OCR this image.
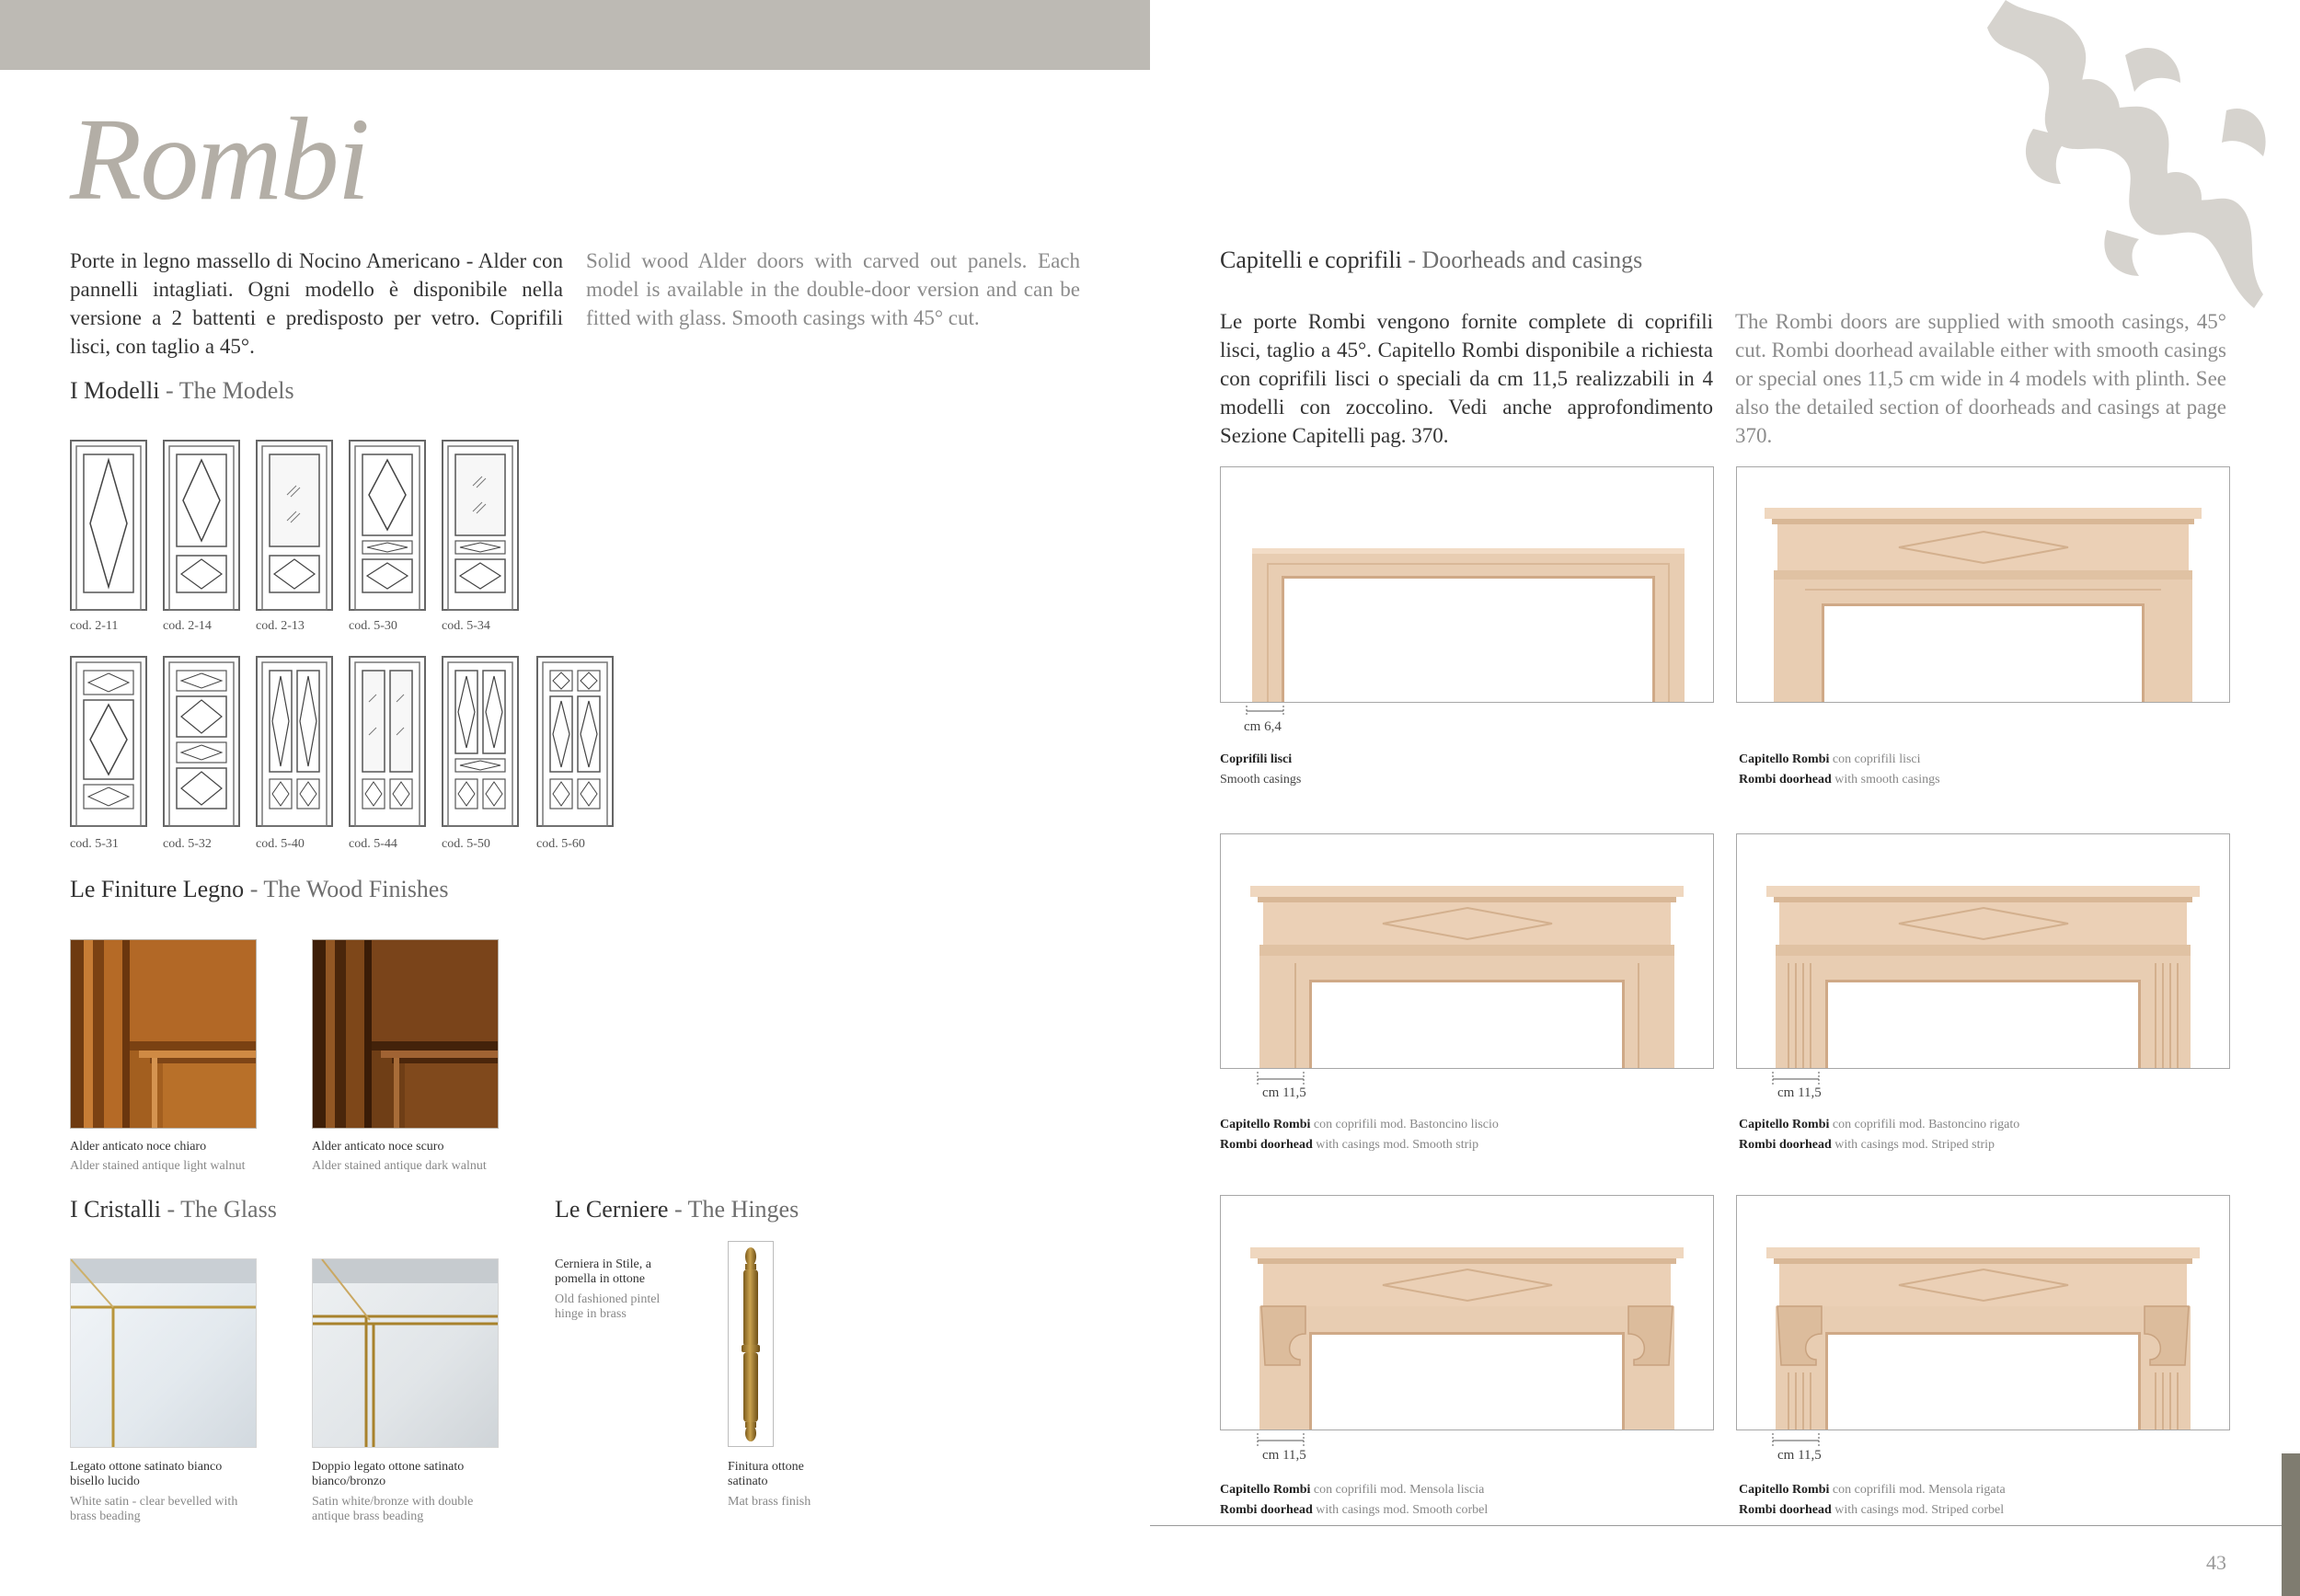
Rombi
Porte in legno massello di Nocino Americano - Alder con pannelli intagliati. Ogni modello è disponibile nella versione a 2 battenti e predisposto per vetro. Coprifili lisci, con taglio a 45°.
Solid wood Alder doors with carved out panels. Each model is available in the double-door version and can be fitted with glass. Smooth casings with 45° cut.
I Modelli - The Models
cod. 2-11	cod. 2-14	cod. 2-13	cod. 5-30	cod. 5-34
cod. 5-31	cod. 5-32	cod. 5-40	cod. 5-44	cod. 5-50	cod. 5-60
Le Finiture Legno - The Wood Finishes
Alder anticato noce chiaro
Alder stained antique light walnut
Alder anticato noce scuro
Alder stained antique dark walnut
I Cristalli - The Glass
Legato ottone satinato bianco bisello lucido
White satin - clear bevelled with brass beading
Doppio legato ottone satinato bianco/bronzo
Satin white/bronze with double antique brass beading
Le Cerniere - The Hinges
Cerniera in Stile, a pomella in ottone
Old fashioned pintel hinge in brass
Finitura ottone satinato
Mat brass finish
Capitelli e coprifili - Doorheads and casings
Le porte Rombi vengono fornite complete di coprifili lisci, taglio a 45°. Capitello Rombi disponibile a richiesta con coprifili lisci o speciali da cm 11,5 realizzabili in 4 modelli con zoccolino. Vedi anche approfondimento Sezione Capitelli pag. 370.
The Rombi doors are supplied with smooth casings, 45° cut. Rombi doorhead available either with smooth casings or special ones 11,5 cm wide in 4 models with plinth. See also the detailed section of doorheads and casings at page 370.
cm 6,4
Coprifili lisci
Smooth casings
Capitello Rombi con coprifili lisci
Rombi doorhead with smooth casings
cm 11,5
Capitello Rombi con coprifili mod. Bastoncino liscio
Rombi doorhead with casings mod. Smooth strip
cm 11,5
Capitello Rombi con coprifili mod. Bastoncino rigato
Rombi doorhead with casings mod. Striped strip
cm 11,5
Capitello Rombi con coprifili mod. Mensola liscia
Rombi doorhead with casings mod. Smooth corbel
cm 11,5
Capitello Rombi con coprifili mod. Mensola rigata
Rombi doorhead with casings mod. Striped corbel
43
